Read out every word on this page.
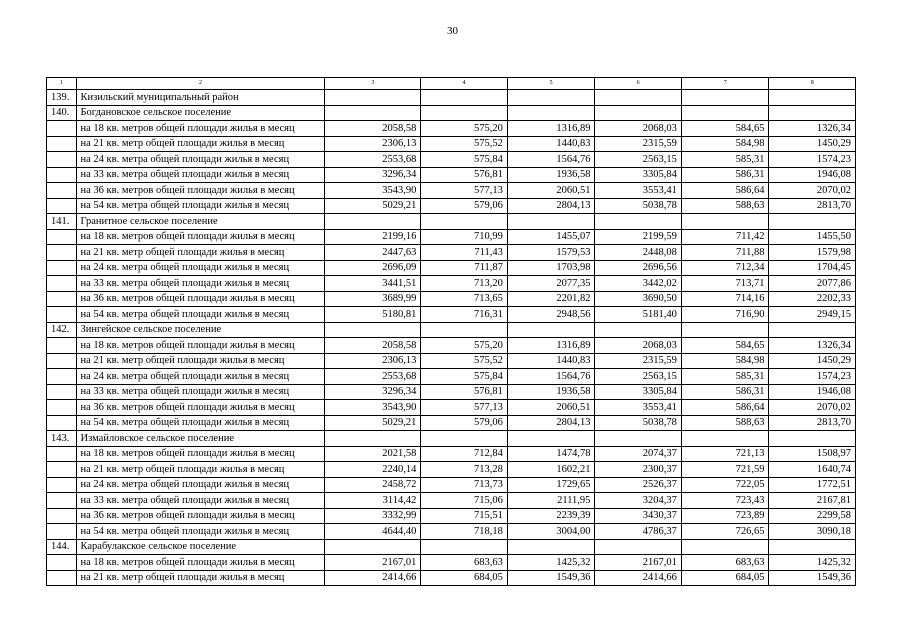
30
1	2	3	4	5	6	7	8
139.	Кизильский муниципальный район						
140.	Богдановское сельское поселение						
	на 18 кв. метров общей площади жилья в месяц	2058,58	575,20	1316,89	2068,03	584,65	1326,34
	на 21 кв. метр общей площади жилья в месяц	2306,13	575,52	1440,83	2315,59	584,98	1450,29
	на 24 кв. метра общей площади жилья в месяц	2553,68	575,84	1564,76	2563,15	585,31	1574,23
	на 33 кв. метра общей площади жилья в месяц	3296,34	576,81	1936,58	3305,84	586,31	1946,08
	на 36 кв. метров общей площади жилья в месяц	3543,90	577,13	2060,51	3553,41	586,64	2070,02
	на 54 кв. метра общей площади жилья в месяц	5029,21	579,06	2804,13	5038,78	588,63	2813,70
141.	Гранитное сельское поселение						
	на 18 кв. метров общей площади жилья в месяц	2199,16	710,99	1455,07	2199,59	711,42	1455,50
	на 21 кв. метр общей площади жилья в месяц	2447,63	711,43	1579,53	2448,08	711,88	1579,98
	на 24 кв. метра общей площади жилья в месяц	2696,09	711,87	1703,98	2696,56	712,34	1704,45
	на 33 кв. метра общей площади жилья в месяц	3441,51	713,20	2077,35	3442,02	713,71	2077,86
	на 36 кв. метров общей площади жилья в месяц	3689,99	713,65	2201,82	3690,50	714,16	2202,33
	на 54 кв. метра общей площади жилья в месяц	5180,81	716,31	2948,56	5181,40	716,90	2949,15
142.	Зингейское сельское поселение						
	на 18 кв. метров общей площади жилья в месяц	2058,58	575,20	1316,89	2068,03	584,65	1326,34
	на 21 кв. метр общей площади жилья в месяц	2306,13	575,52	1440,83	2315,59	584,98	1450,29
	на 24 кв. метра общей площади жилья в месяц	2553,68	575,84	1564,76	2563,15	585,31	1574,23
	на 33 кв. метра общей площади жилья в месяц	3296,34	576,81	1936,58	3305,84	586,31	1946,08
	на 36 кв. метров общей площади жилья в месяц	3543,90	577,13	2060,51	3553,41	586,64	2070,02
	на 54 кв. метра общей площади жилья в месяц	5029,21	579,06	2804,13	5038,78	588,63	2813,70
143.	Измайловское сельское поселение						
	на 18 кв. метров общей площади жилья в месяц	2021,58	712,84	1474,78	2074,37	721,13	1508,97
	на 21 кв. метр общей площади жилья в месяц	2240,14	713,28	1602,21	2300,37	721,59	1640,74
	на 24 кв. метра общей площади жилья в месяц	2458,72	713,73	1729,65	2526,37	722,05	1772,51
	на 33 кв. метра общей площади жилья в месяц	3114,42	715,06	2111,95	3204,37	723,43	2167,81
	на 36 кв. метров общей площади жилья в месяц	3332,99	715,51	2239,39	3430,37	723,89	2299,58
	на 54 кв. метра общей площади жилья в месяц	4644,40	718,18	3004,00	4786,37	726,65	3090,18
144.	Карабулакское сельское поселение						
	на 18 кв. метров общей площади жилья в месяц	2167,01	683,63	1425,32	2167,01	683,63	1425,32
	на 21 кв. метр общей площади жилья в месяц	2414,66	684,05	1549,36	2414,66	684,05	1549,36
